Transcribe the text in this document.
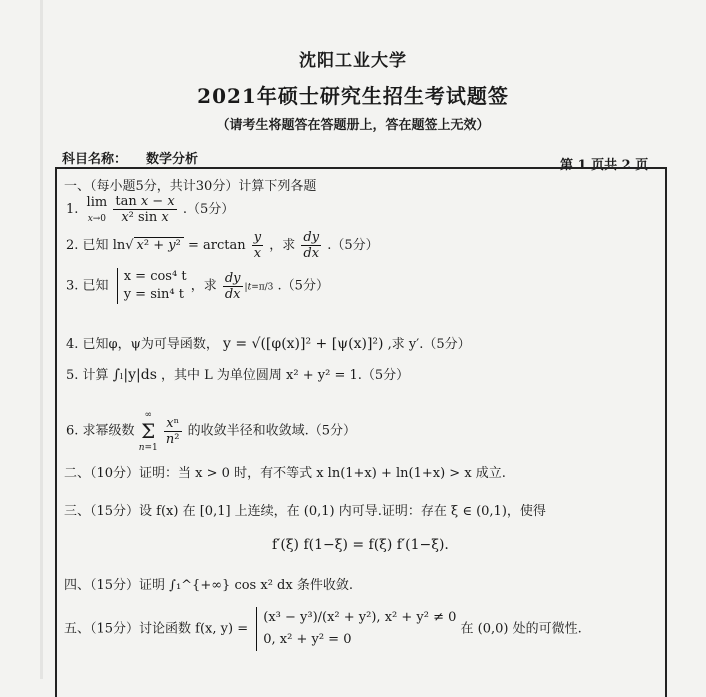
沈阳工业大学
2021年硕士研究生招生考试题签
（请考生将题答在答题册上，答在题签上无效）
科目名称： 数学分析	第 1 页共 2 页
一、（每小题5分，共计30分）计算下列各题
1. lim
$x\to 0 \frac{\text{tan x − x}}{\text{x² sin x}} .(5$分）
2. 已知 ln√ $x^2 + y^2 = \arctan \frac{y}{x}$ ，求 $\frac{dy}{dx} .(5$分）
3. 已知 x = cos⁴ t
y = sin⁴ t ，求 $\frac{dy}{dx} |t=\pi/3$ .（5分）
4. 已知φ，ψ为可导函数， y = √([φ(x)]² + [ψ(x)]²) ,求 y′.（5分）
5. 计算 ∫ₗ|y|ds ，其中 L 为单位圆周 x² + y² = 1.（5分）
6. 求幂级数 ∞
Σ
n=1
$\frac{\text{xⁿ}}{\text{n²}}$ 的收敛半径和收敛域.（5分）
二、（10分）证明：当 x > 0 时，有不等式 x ln(1+x) + ln(1+x) > x 成立.
三、（15分）设 f(x) 在 [0,1] 上连续，在 (0,1) 内可导.证明：存在 ξ ∈ (0,1)，使得
f′(ξ) f(1−ξ) = f(ξ) f′(1−ξ).
四、（15分）证明 ∫₁^{+∞} cos x² dx 条件收敛.
五、（15分）讨论函数 f(x, y) = (x³ − y³)/(x² + y²), x² + y² ≠ 0
0, x² + y² = 0 在 (0,0) 处的可微性.
